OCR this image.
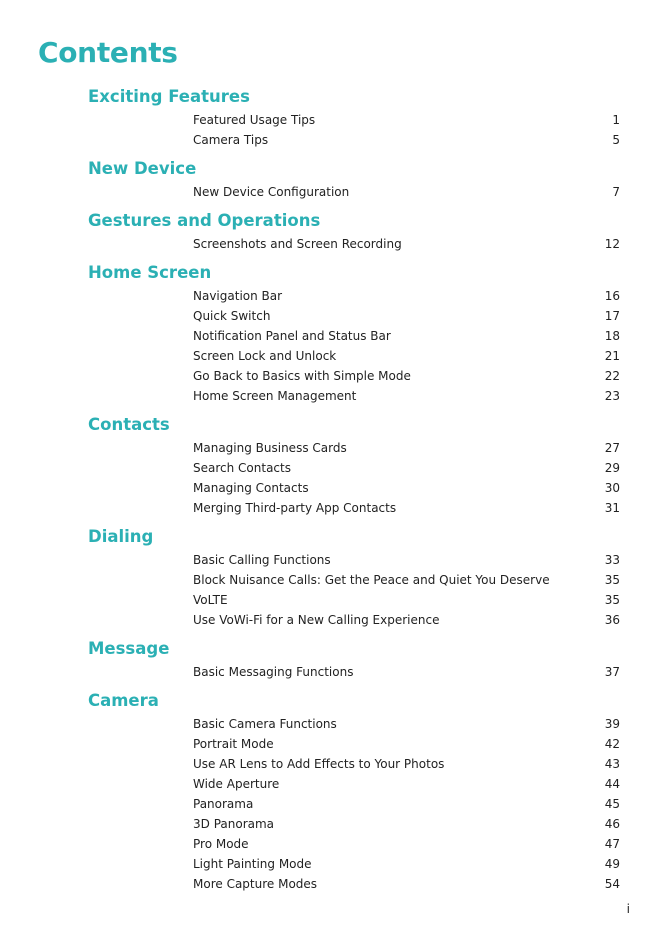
Contents
Exciting Features
Featured Usage Tips	1
Camera Tips	5
New Device
New Device Configuration	7
Gestures and Operations
Screenshots and Screen Recording	12
Home Screen
Navigation Bar	16
Quick Switch	17
Notification Panel and Status Bar	18
Screen Lock and Unlock	21
Go Back to Basics with Simple Mode	22
Home Screen Management	23
Contacts
Managing Business Cards	27
Search Contacts	29
Managing Contacts	30
Merging Third-party App Contacts	31
Dialing
Basic Calling Functions	33
Block Nuisance Calls: Get the Peace and Quiet You Deserve	35
VoLTE	35
Use VoWi-Fi for a New Calling Experience	36
Message
Basic Messaging Functions	37
Camera
Basic Camera Functions	39
Portrait Mode	42
Use AR Lens to Add Effects to Your Photos	43
Wide Aperture	44
Panorama	45
3D Panorama	46
Pro Mode	47
Light Painting Mode	49
More Capture Modes	54
i
